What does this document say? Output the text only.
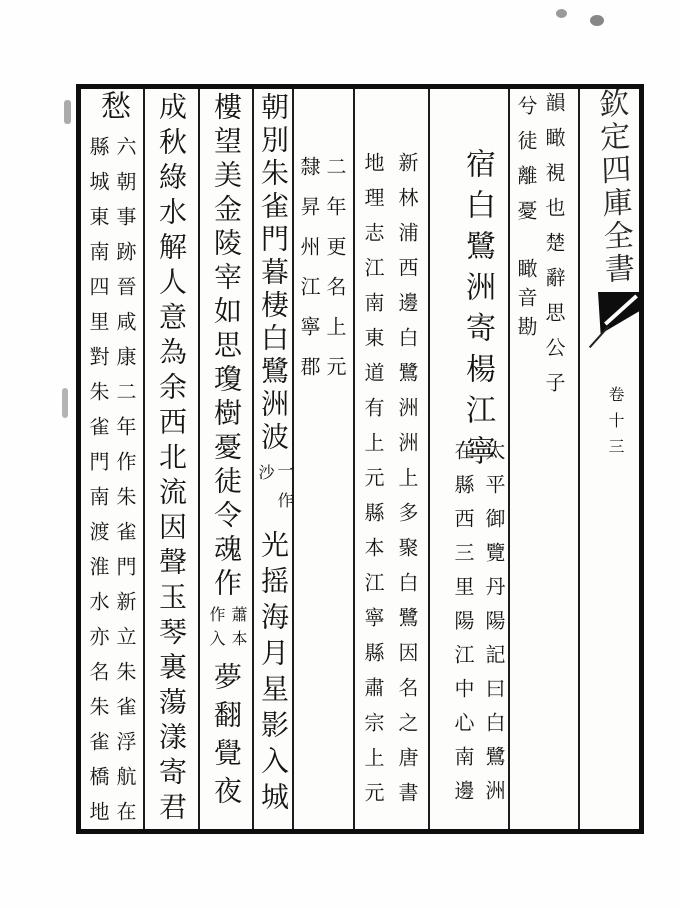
欽定四庫全書
卷十三
韻瞰視也楚辭思公子
兮徒離憂
瞰音勘
宿白鷺洲寄楊江寧
太平御覽丹陽記曰白鷺洲
在縣西三里陽江中心南邊
新林浦西邊白鷺洲洲上多聚白鷺因名之唐書
地理志江南東道有上元縣本江寧縣肅宗上元
二年更名上元
隸昇州江寧郡
朝別朱雀門暮棲白鷺洲波
一作
沙
光摇海月星影入城
樓望美金陵宰如思瓊樹憂徒令魂作
蕭本
作入
夢翻覺夜
成秋綠水解人意為余西北流因聲玉琴裏蕩漾寄君
愁
六朝事跡晉咸康二年作朱雀門新立朱雀浮航在
縣城東南四里對朱雀門南渡淮水亦名朱雀橋地
